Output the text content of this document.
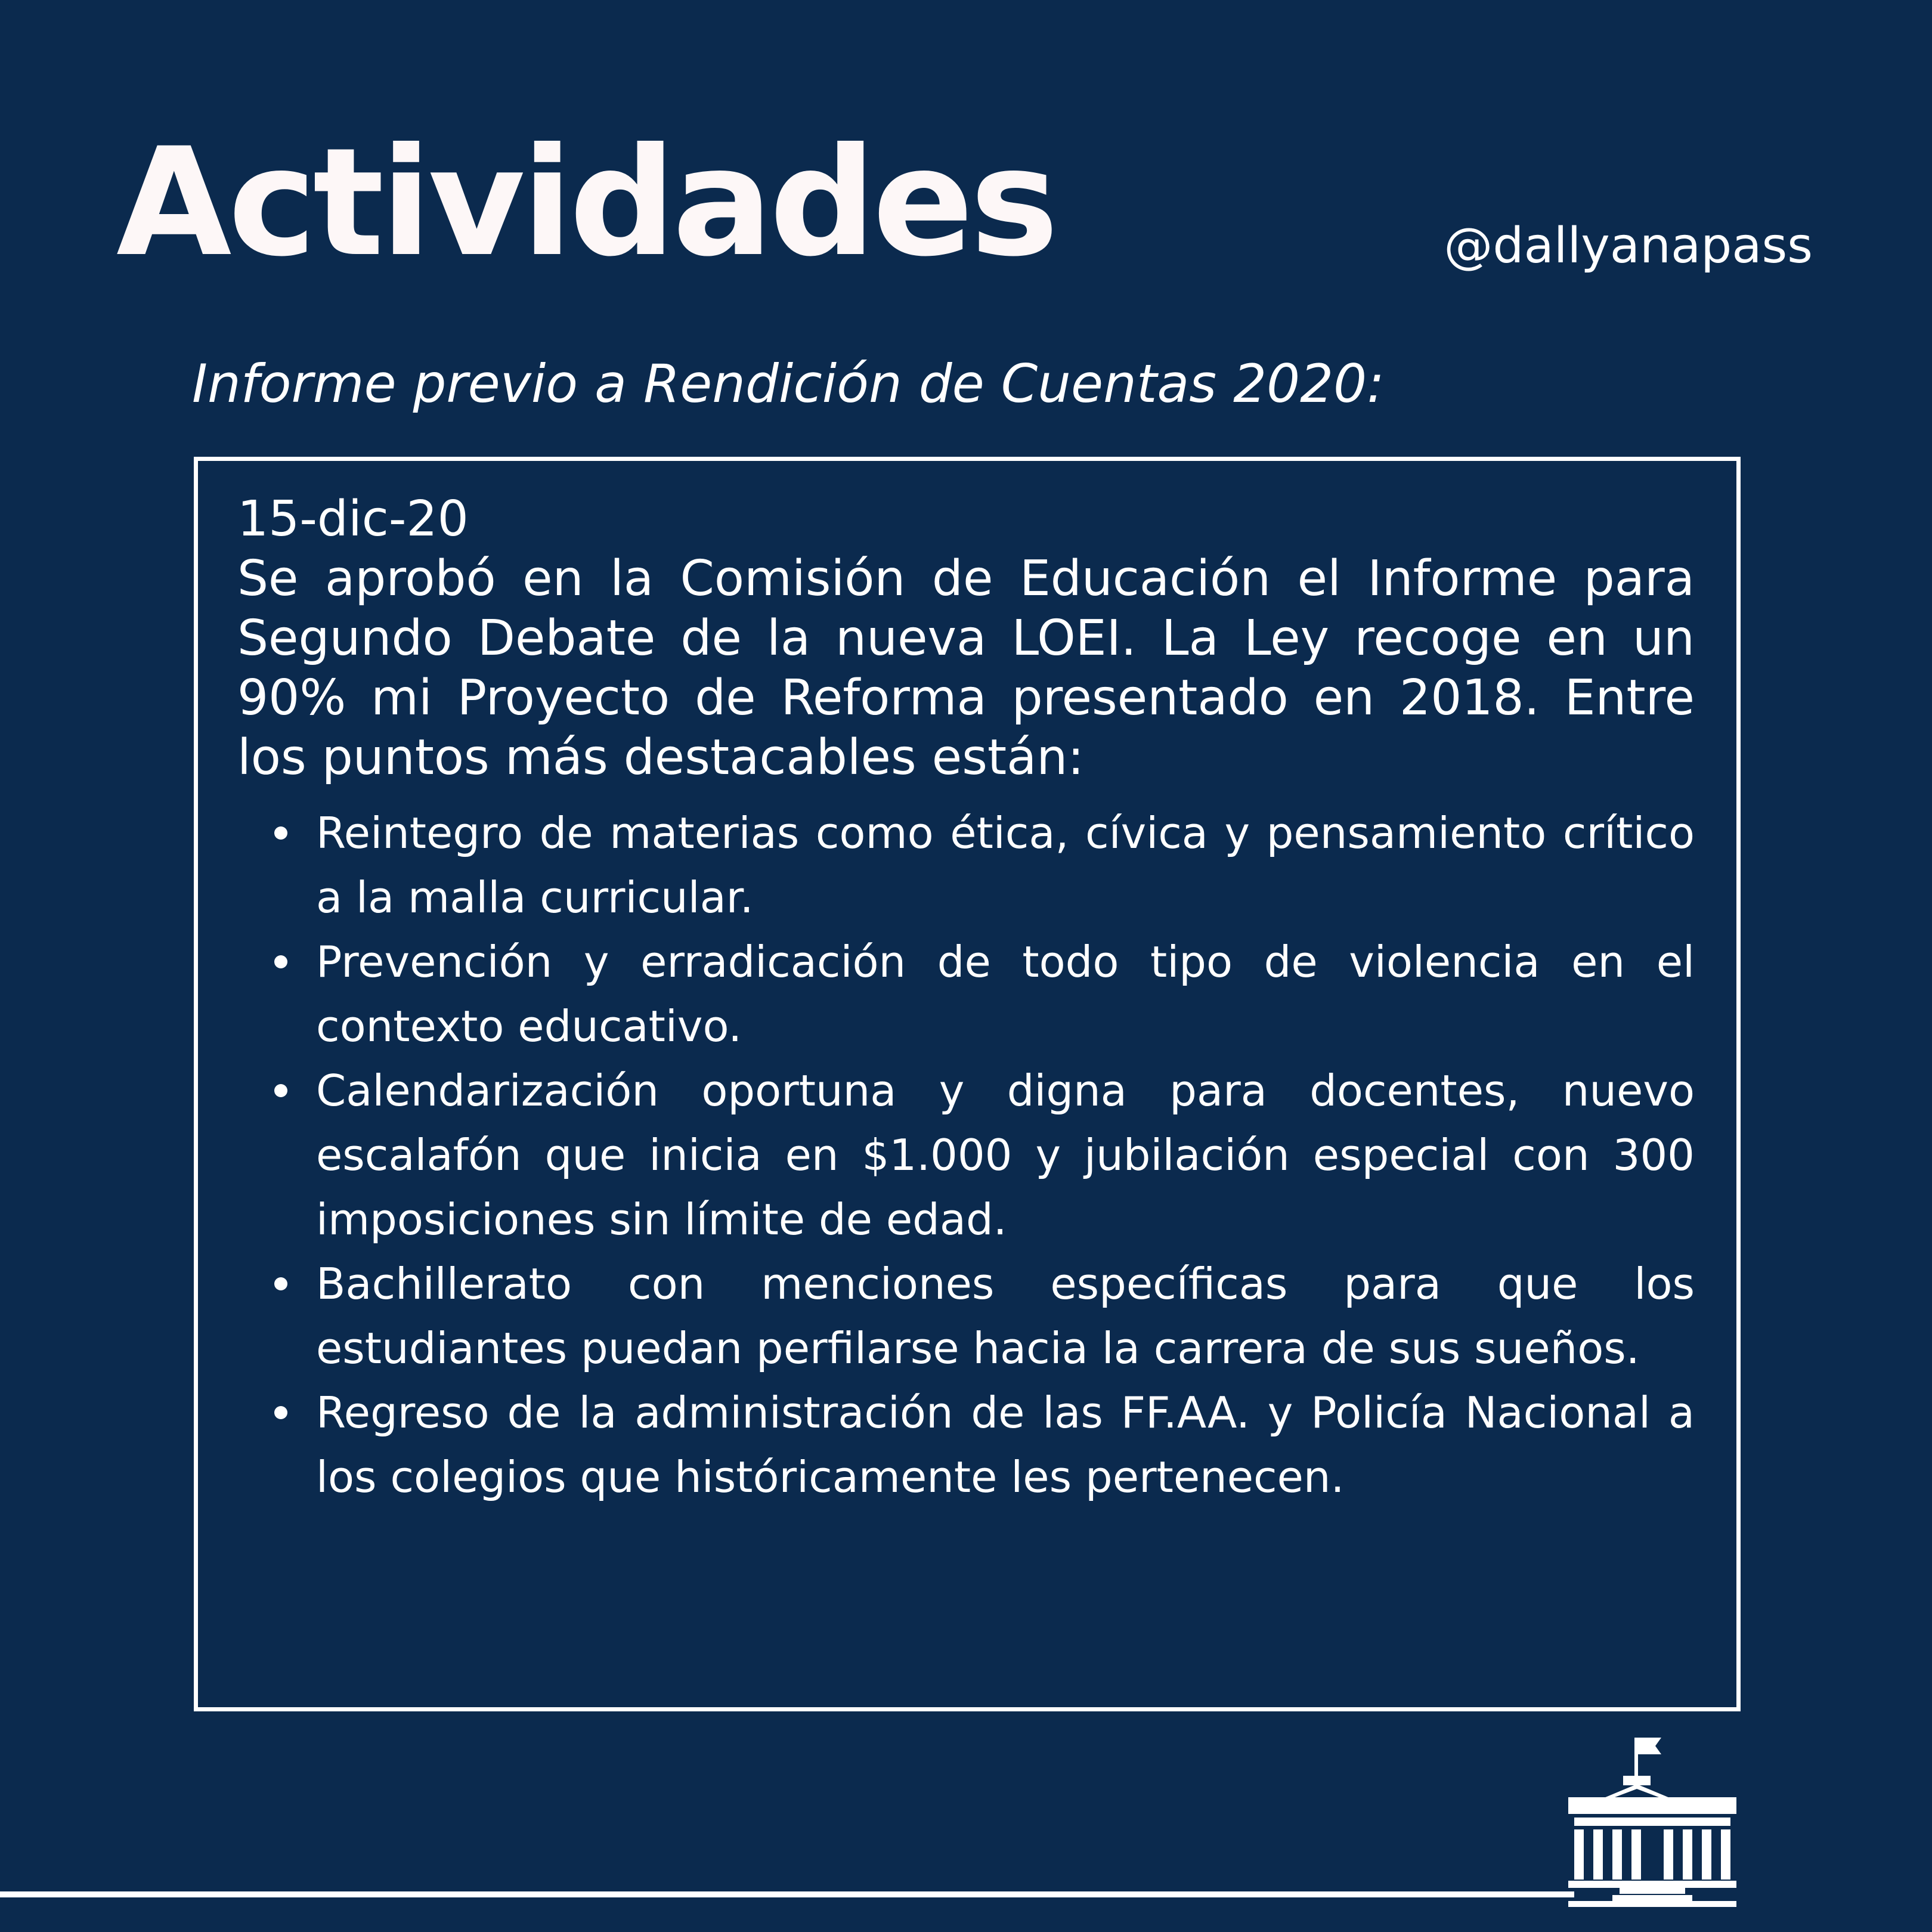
Actividades	@dallyanapass
Informe previo a Rendición de Cuentas 2020:

15-dic-20

Se aprobó en la Comisión de Educación el Informe para Segundo Debate de la nueva LOEI. La Ley recoge en un 90% mi Proyecto de Reforma presentado en 2018. Entre los puntos más destacables están:

Reintegro de materias como ética, cívica y pensamiento crítico a la malla curricular.
Prevención y erradicación de todo tipo de violencia en el contexto educativo.
Calendarización oportuna y digna para docentes, nuevo escalafón que inicia en $1.000 y jubilación especial con 300 imposiciones sin límite de edad.
Bachillerato con menciones específicas para que los estudiantes puedan perfilarse hacia la carrera de sus sueños.
Regreso de la administración de las FF.AA. y Policía Nacional a los colegios que históricamente les pertenecen.
